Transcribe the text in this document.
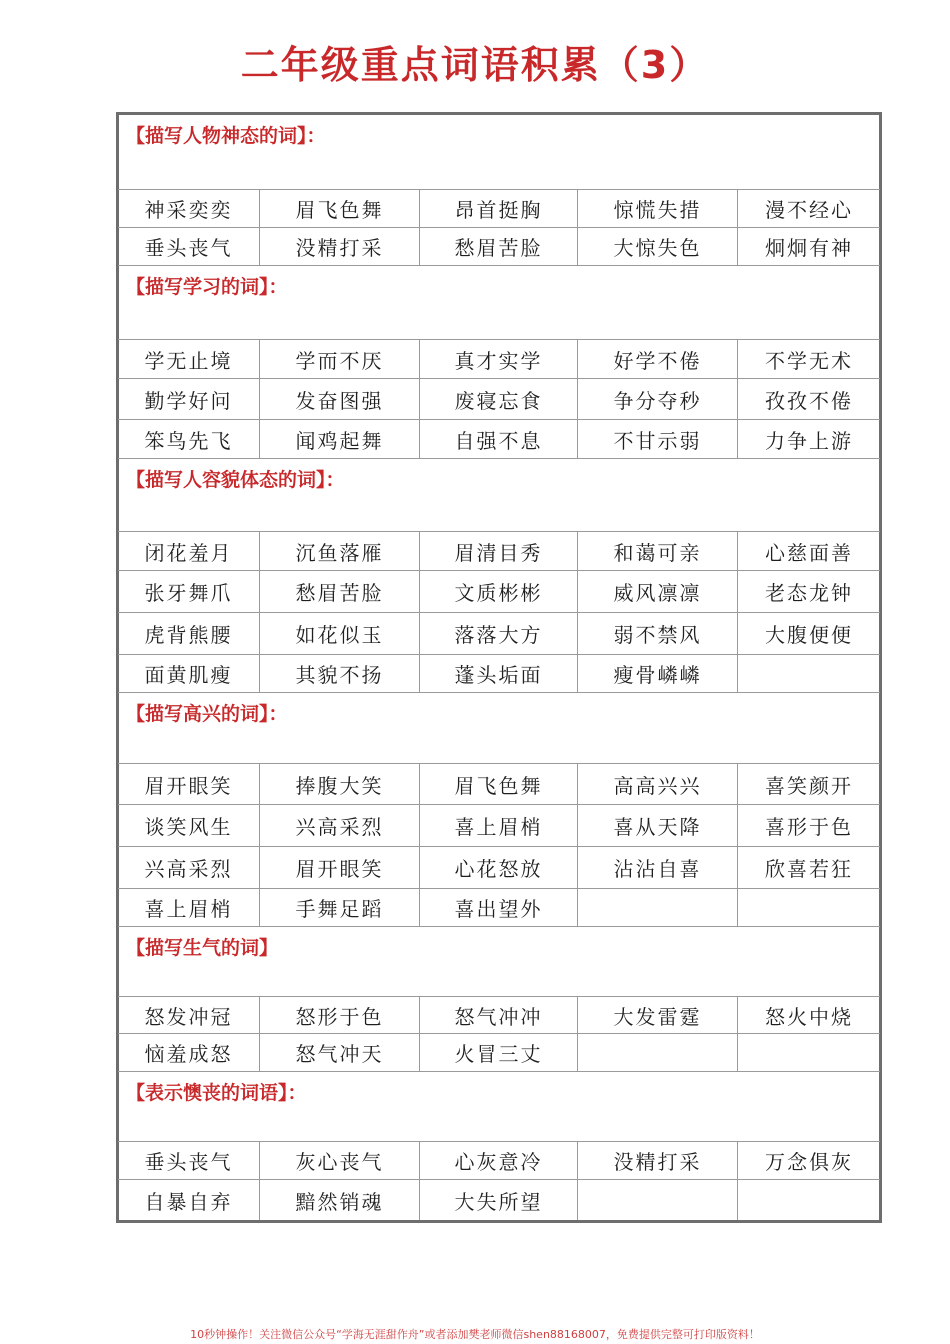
二年级重点词语积累（3）
【描写人物神态的词】：
神采奕奕	眉飞色舞	昂首挺胸	惊慌失措	漫不经心
垂头丧气	没精打采	愁眉苦脸	大惊失色	炯炯有神
【描写学习的词】：
学无止境	学而不厌	真才实学	好学不倦	不学无术
勤学好问	发奋图强	废寝忘食	争分夺秒	孜孜不倦
笨鸟先飞	闻鸡起舞	自强不息	不甘示弱	力争上游
【描写人容貌体态的词】：
闭花羞月	沉鱼落雁	眉清目秀	和蔼可亲	心慈面善
张牙舞爪	愁眉苦脸	文质彬彬	威风凛凛	老态龙钟
虎背熊腰	如花似玉	落落大方	弱不禁风	大腹便便
面黄肌瘦	其貌不扬	蓬头垢面	瘦骨嶙嶙
【描写高兴的词】：
眉开眼笑	捧腹大笑	眉飞色舞	高高兴兴	喜笑颜开
谈笑风生	兴高采烈	喜上眉梢	喜从天降	喜形于色
兴高采烈	眉开眼笑	心花怒放	沾沾自喜	欣喜若狂
喜上眉梢	手舞足蹈	喜出望外
【描写生气的词】
怒发冲冠	怒形于色	怒气冲冲	大发雷霆	怒火中烧
恼羞成怒	怒气冲天	火冒三丈
【表示懊丧的词语】：
垂头丧气	灰心丧气	心灰意冷	没精打采	万念俱灰
自暴自弃	黯然销魂	大失所望
10秒钟操作！关注微信公众号“学海无涯甜作舟”或者添加樊老师微信shen88168007，免费提供完整可打印版资料！
